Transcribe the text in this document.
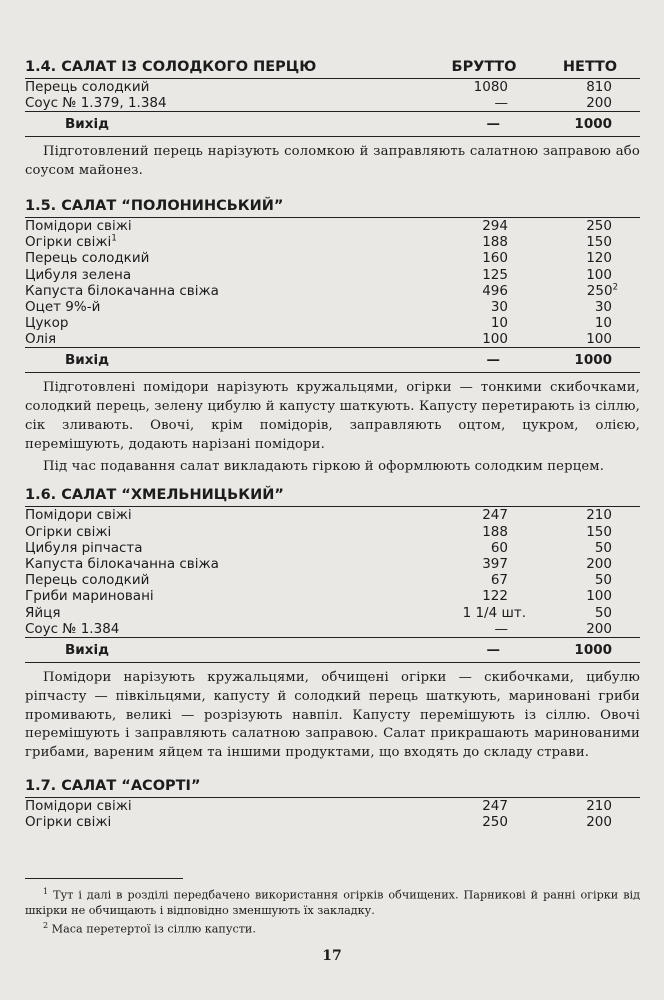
1.4. САЛАТ ІЗ СОЛОДКОГО ПЕРЦЮ	БРУТТО	НЕТТО
Перець солодкий	1080	810
Соус № 1.379, 1.384	—	200
Вихід	—	1000

Підготовлений перець нарізують соломкою й заправляють салатною заправою або соусом майонез.

1.5. САЛАТ “ПОЛОНИНСЬКИЙ”
Помідори свіжі	294	250
Огірки свіжі$^1$	188	150
Перець солодкий	160	120
Цибуля зелена	125	100
Капуста білокачанна свіжа	496	$250^2$
Оцет 9%-й	30	30
Цукор	10	10
Олія	100	100
Вихід	—	1000

Підготовлені помідори нарізують кружальцями, огірки — тонкими скибочками, солодкий перець, зелену цибулю й капусту шаткують. Капусту перетирають із сіллю, сік зливають. Овочі, крім помідорів, заправляють оцтом, цукром, олією, перемішують, додають нарізані помідори.

Під час подавання салат викладають гіркою й оформлюють солодким перцем.

1.6. САЛАТ “ХМЕЛЬНИЦЬКИЙ”
Помідори свіжі	247	210
Огірки свіжі	188	150
Цибуля ріпчаста	60	50
Капуста білокачанна свіжа	397	200
Перець солодкий	67	50
Гриби мариновані	122	100
Яйця	1 1/4 шт.	50
Соус № 1.384	—	200
Вихід	—	1000

Помідори нарізують кружальцями, обчищені огірки — скибочками, цибулю ріпчасту — півкільцями, капусту й солодкий перець шаткують, мариновані гриби промивають, великі — розрізують навпіл. Капусту перемішують із сіллю. Овочі перемішують і заправляють салатною заправою. Салат прикрашають маринованими грибами, вареним яйцем та іншими продуктами, що входять до складу страви.

1.7. САЛАТ “АСОРТІ”
Помідори свіжі	247	210
Огірки свіжі	250	200
$^1$ Тут і далі в розділі передбачено використання огірків обчищених. Парникові й ранні огірки від шкірки не обчищають і відповідно зменшують їх закладку.
$^2$ Маса перетертої із сіллю капусти.
17
